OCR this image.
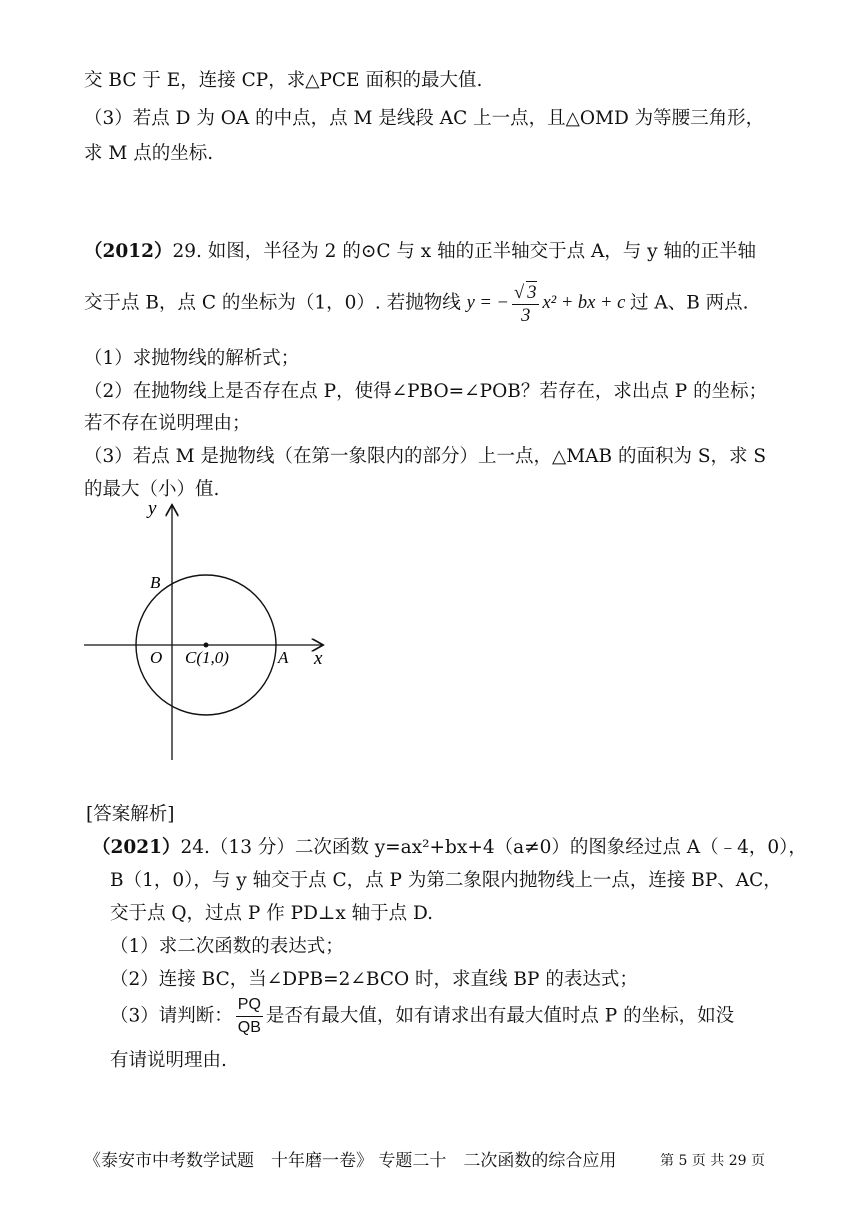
交 BC 于 E，连接 CP，求△PCE 面积的最大值.
（3）若点 D 为 OA 的中点，点 M 是线段 AC 上一点，且△OMD 为等腰三角形，
求 M 点的坐标.
（2012）29. 如图，半径为 2 的⊙C 与 x 轴的正半轴交于点 A，与 y 轴的正半轴
交于点 B，点 C 的坐标为（1，0）. 若抛物线 y = − $\frac{√ 3}{3} x^2$ + bx + c 过 A、B 两点.
（1）求抛物线的解析式；
（2）在抛物线上是否存在点 P，使得∠PBO=∠POB？若存在，求出点 P 的坐标；
若不存在说明理由；
（3）若点 M 是抛物线（在第一象限内的部分）上一点，△MAB 的面积为 S，求 S
的最大（小）值.
y
x
O
B
C(1,0)	A
[答案解析]
（2021）24.（13 分）二次函数 y=ax²+bx+4（a≠0）的图象经过点 A（﹣4，0），
B（1，0），与 y 轴交于点 C，点 P 为第二象限内抛物线上一点，连接 BP、AC，
交于点 Q，过点 P 作 PD⊥x 轴于点 D.
（1）求二次函数的表达式；
（2）连接 BC，当∠DPB=2∠BCO 时，求直线 BP 的表达式；
（3）请判断： $\frac{PQ}{QB}$ 是否有最大值，如有请求出有最大值时点 P 的坐标，如没
有请说明理由.
《泰安市中考数学试题　十年磨一卷》 专题二十　二次函数的综合应用	第 5 页 共 29 页
